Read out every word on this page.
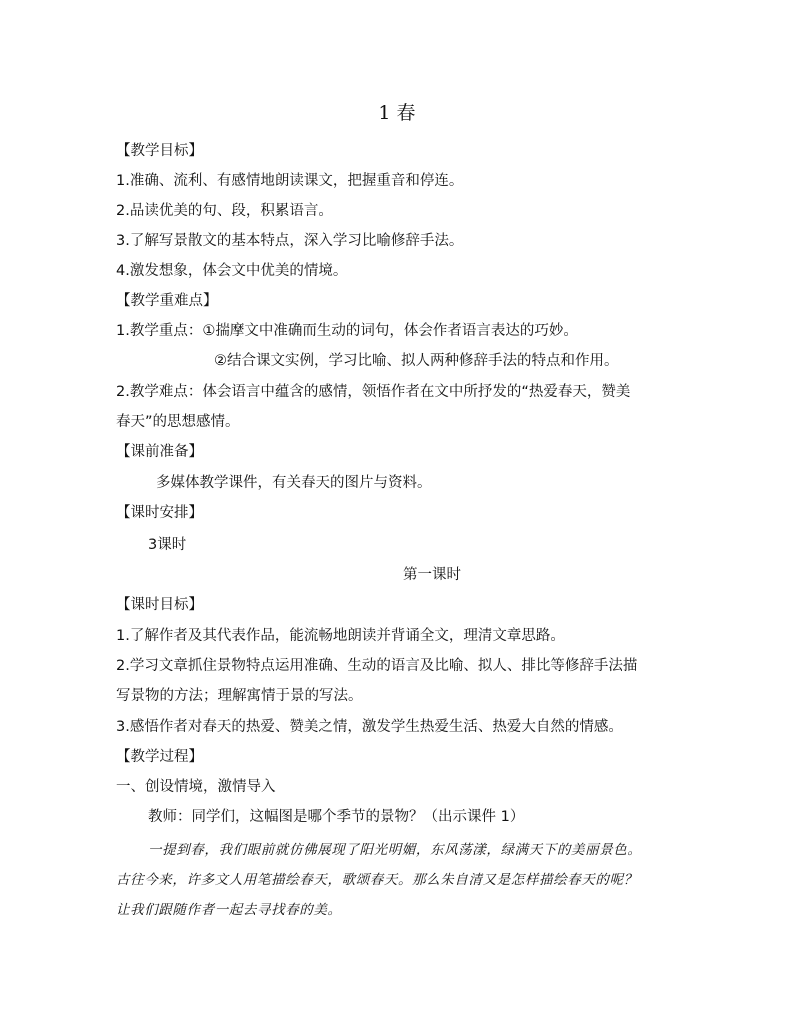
1 春
【教学目标】
1.准确、流利、有感情地朗读课文，把握重音和停连。
2.品读优美的句、段，积累语言。
3.了解写景散文的基本特点，深入学习比喻修辞手法。
4.激发想象，体会文中优美的情境。
【教学重难点】
1.教学重点：①揣摩文中准确而生动的词句，体会作者语言表达的巧妙。
②结合课文实例，学习比喻、拟人两种修辞手法的特点和作用。
2.教学难点：体会语言中蕴含的感情，领悟作者在文中所抒发的“热爱春天，赞美
春天”的思想感情。
【课前准备】
多媒体教学课件，有关春天的图片与资料。
【课时安排】
3课时
第一课时
【课时目标】
1.了解作者及其代表作品，能流畅地朗读并背诵全文，理清文章思路。
2.学习文章抓住景物特点运用准确、生动的语言及比喻、拟人、排比等修辞手法描
写景物的方法；理解寓情于景的写法。
3.感悟作者对春天的热爱、赞美之情，激发学生热爱生活、热爱大自然的情感。
【教学过程】
一、创设情境，激情导入
教师：同学们，这幅图是哪个季节的景物？（出示课件 1）
一提到春，我们眼前就仿佛展现了阳光明媚，东风荡漾，绿满天下的美丽景色。
古往今来，许多文人用笔描绘春天，歌颂春天。那么朱自清又是怎样描绘春天的呢？
让我们跟随作者一起去寻找春的美。
